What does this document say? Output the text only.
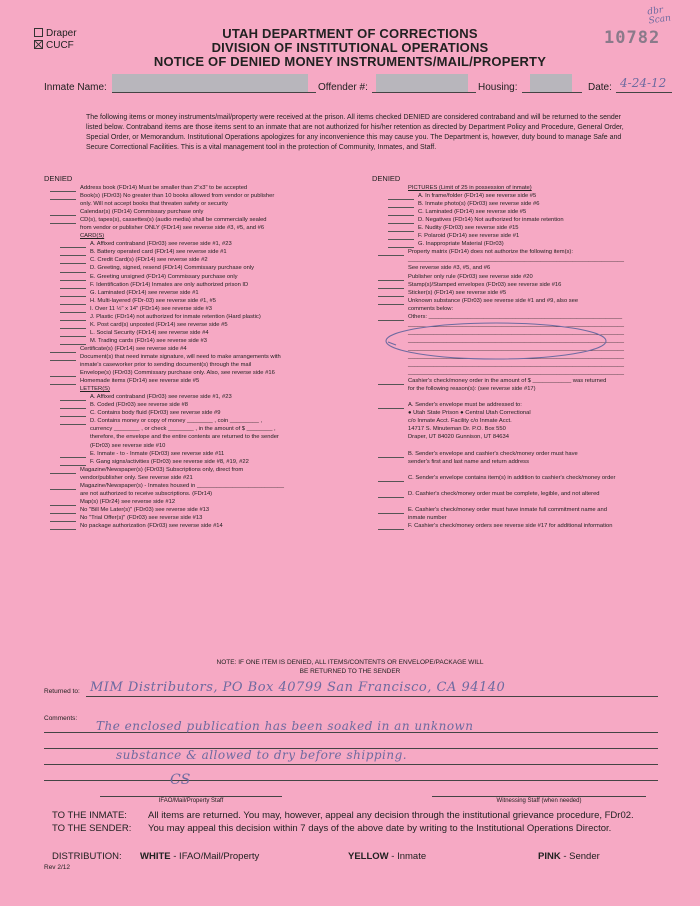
Draper
CUCF
UTAH DEPARTMENT OF CORRECTIONS
DIVISION OF INSTITUTIONAL OPERATIONS
NOTICE OF DENIED MONEY INSTRUMENTS/MAIL/PROPERTY
10782
dbr Scan
Inmate Name:	Offender #:	Housing:	Date: 4-24-12
The following items or money instruments/mail/property were received at the prison. All items checked DENIED are considered contraband and will be returned to the sender listed below. Contraband items are those items sent to an inmate that are not authorized for his/her retention as directed by Department Policy and Procedure, General Order, Special Order, or Memorandum. Institutional Operations apologizes for any inconvenience this may cause you. The Department is, however, duty bound to manage Safe and Secure Correctional Facilities. This is a vital management tool in the protection of Community, Inmates, and Staff.
DENIED	DENIED
Address book (FDr14) Must be smaller than 2"x3" to be accepted
Book(s) (FDr03) No greater than 10 books allowed from vendor or publisher
only. Will not accept books that threaten safety or security
Calendar(s) (FDr14) Commissary purchase only
CD(s), tapes(s), cassettes(s) (audio media) shall be commercially sealed
from vendor or publisher ONLY (FDr14) see reverse side #3, #5, and #6
CARD(S)
A. Affixed contraband (FDr03) see reverse side #1, #23
B. Battery operated card (FDr14) see reverse side #1
C. Credit Card(s) (FDr14) see reverse side #2
D. Greeting, signed, resend (FDr14) Commissary purchase only
E. Greeting unsigned (FDr14) Commissary purchase only
F. Identification (FDr14) Inmates are only authorized prison ID
G. Laminated (FDr14) see reverse side #1
H. Multi-layered (FDr-03) see reverse side #1, #5
I. Over 11 ½" x 14" (FDr14) see reverse side #3
J. Plastic (FDr14) not authorized for inmate retention (Hard plastic)
K. Post card(s) unposted (FDr14) see reverse side #5
L. Social Security (FDr14) see reverse side #4
M. Trading cards (FDr14) see reverse side #3
Certificate(s) (FDr14) see reverse side #4
Document(s) that need inmate signature, will need to make arrangements with
inmate's caseworker prior to sending document(s) through the mail
Envelope(s) (FDr03) Commissary purchase only. Also, see reverse side #16
Homemade items (FDr14) see reverse side #5
LETTER(S)
A. Affixed contraband (FDr03) see reverse side #1, #23
B. Coded (FDr03) see reverse side #8
C. Contains body fluid (FDr03) see reverse side #9
D. Contains money or copy of money ________ , coin _________ ,
currency ________ , or check ________ , in the amount of $ ________ ,
therefore, the envelope and the entire contents are returned to the sender
(FDr03) see reverse side #10
E. Inmate - to - Inmate (FDr03) see reverse side #11
F. Gang signs/activities (FDr03) see reverse side #8, #19, #22
Magazine/Newspaper(s) (FDr03) Subscriptions only, direct from
vendor/publisher only. See reverse side #21
Magazine/Newspaper(s) - Inmates housed in ___________________________
are not authorized to receive subscriptions. (FDr14)
Map(s) (FDr24) see reverse side #12
No "Bill Me Later(s)" (FDr03) see reverse side #13
No "Trial Offer(s)" (FDr03) see reverse side #13
No package authorization (FDr03) see reverse side #14
PICTURES (Limit of 25 in possession of inmate)
A. In frame/folder (FDr14) see reverse side #5
B. Inmate photo(s) (FDr03) see reverse side #6
C. Laminated (FDr14) see reverse side #5
D. Negatives (FDr14) Not authorized for inmate retention
E. Nudity (FDr03) see reverse side #15
F. Polaroid (FDr14) see reverse side #1
G. Inappropriate Material (FDr03)
Property matrix (FDr14) does not authorize the following item(s):
___________________________________________________________________
See reverse side #3, #5, and #6
Publisher only rule (FDr03) see reverse side #20
Stamp(s)/Stamped envelopes (FDr03) see reverse side #16
Sticker(s) (FDr14) see reverse side #5
Unknown substance (FDr03) see reverse side #1 and #9, also see
comments below:
Others: ____________________________________________________________
___________________________________________________________________
___________________________________________________________________
___________________________________________________________________
___________________________________________________________________
___________________________________________________________________
___________________________________________________________________
___________________________________________________________________
Cashier's check/money order in the amount of $ ____________ was returned
for the following reason(s): (see reverse side #17)
A. Sender's envelope must be addressed to:
● Utah State Prison ● Central Utah Correctional
c/o Inmate Acct. Facility c/o Inmate Acct.
14717 S. Minuteman Dr. P.O. Box 550
Draper, UT 84020 Gunnison, UT 84634
B. Sender's envelope and cashier's check/money order must have
sender's first and last name and return address
C. Sender's envelope contains item(s) in addition to cashier's check/money order
D. Cashier's check/money order must be complete, legible, and not altered
E. Cashier's check/money order must have inmate full commitment name and
inmate number
F. Cashier's check/money orders see reverse side #17 for additional information
NOTE: IF ONE ITEM IS DENIED, ALL ITEMS/CONTENTS OR ENVELOPE/PACKAGE WILL
BE RETURNED TO THE SENDER
Returned to: MIM Distributors, PO Box 40799 San Francisco, CA 94140
Comments:
The enclosed publication has been soaked in an unknown
substance & allowed to dry before shipping.
CS
IFAO/Mail/Property Staff	Witnessing Staff (when needed)
TO THE INMATE: All items are returned. You may, however, appeal any decision through the institutional grievance procedure, FDr02.
TO THE SENDER: You may appeal this decision within 7 days of the above date by writing to the Institutional Operations Director.
DISTRIBUTION: WHITE - IFAO/Mail/Property	YELLOW - Inmate	PINK - Sender
Rev 2/12
